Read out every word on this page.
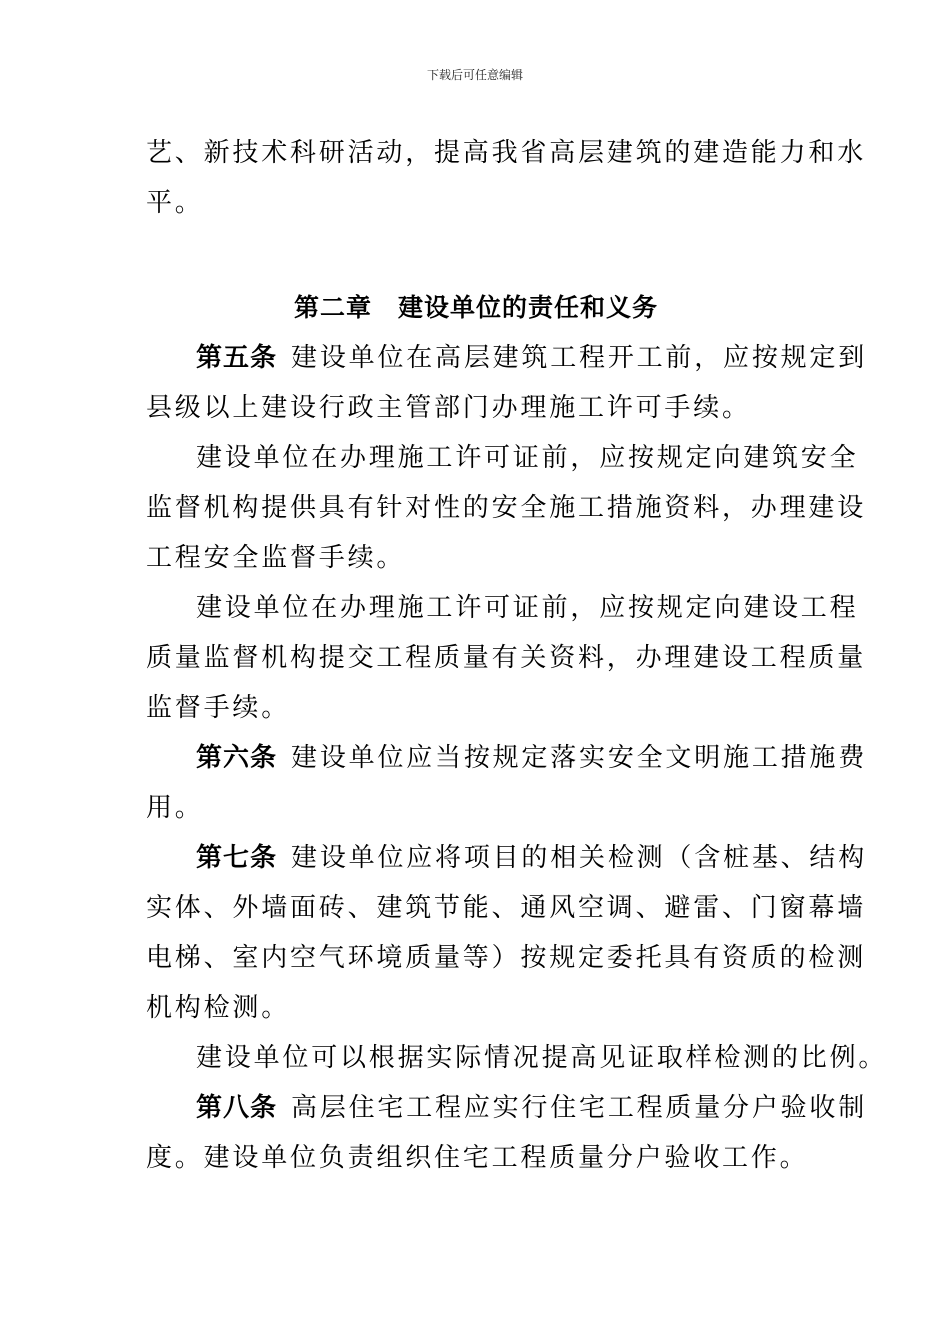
下载后可任意编辑
艺、新技术科研活动，提高我省高层建筑的建造能力和水
平。
第二章　建设单位的责任和义务
第五条 建设单位在高层建筑工程开工前，应按规定到
县级以上建设行政主管部门办理施工许可手续。
建设单位在办理施工许可证前，应按规定向建筑安全
监督机构提供具有针对性的安全施工措施资料，办理建设
工程安全监督手续。
建设单位在办理施工许可证前，应按规定向建设工程
质量监督机构提交工程质量有关资料，办理建设工程质量
监督手续。
第六条 建设单位应当按规定落实安全文明施工措施费
用。
第七条 建设单位应将项目的相关检测（含桩基、结构
实体、外墙面砖、建筑节能、通风空调、避雷、门窗幕墙
电梯、室内空气环境质量等）按规定委托具有资质的检测
机构检测。
建设单位可以根据实际情况提高见证取样检测的比例。
第八条 高层住宅工程应实行住宅工程质量分户验收制
度。建设单位负责组织住宅工程质量分户验收工作。
